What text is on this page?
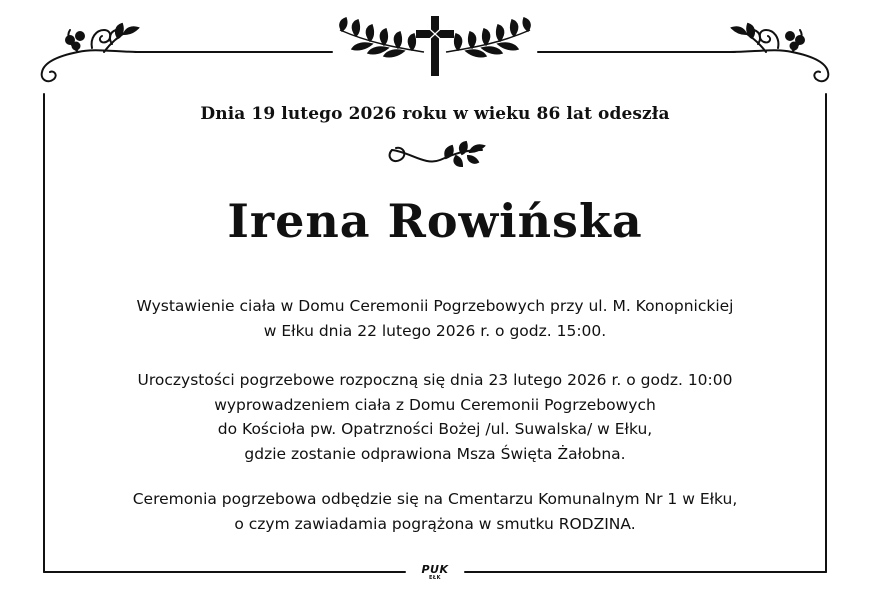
Dnia 19 lutego 2026 roku w wieku 86 lat odeszła
Irena Rowińska
Wystawienie ciała w Domu Ceremonii Pogrzebowych przy ul. M. Konopnickiej
w Ełku dnia 22 lutego 2026 r. o godz. 15:00.
Uroczystości pogrzebowe rozpoczną się dnia 23 lutego 2026 r. o godz. 10:00
wyprowadzeniem ciała z Domu Ceremonii Pogrzebowych
do Kościoła pw. Opatrzności Bożej /ul. Suwalska/ w Ełku,
gdzie zostanie odprawiona Msza Święta Żałobna.
Ceremonia pogrzebowa odbędzie się na Cmentarzu Komunalnym Nr 1 w Ełku,
o czym zawiadamia pogrążona w smutku RODZINA.
PUK
EŁK
